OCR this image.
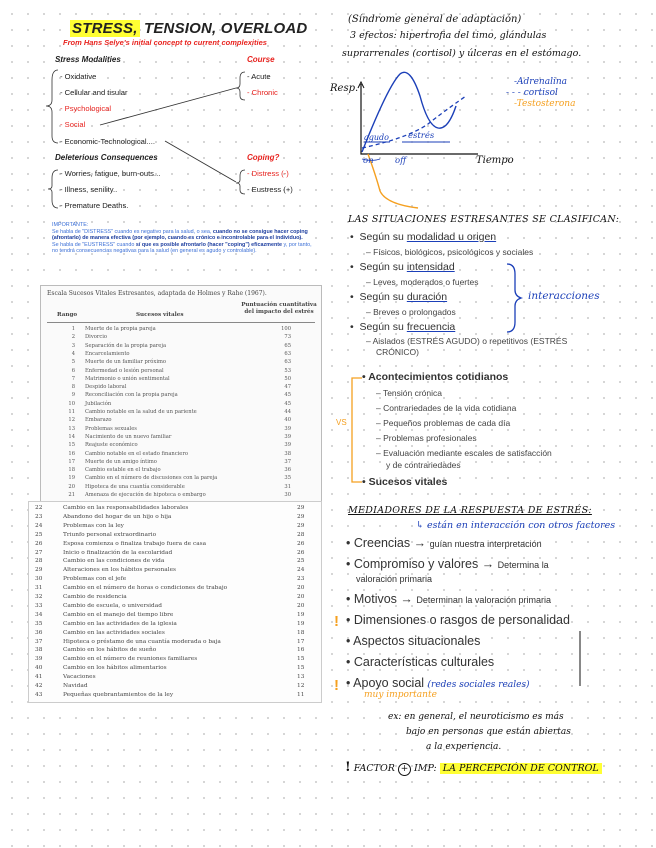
STRESS, TENSION, OVERLOAD
From Hans Selye's initial concept to current complexities
Stress Modalities	Course
- Oxidative
- Cellular and tisular
- Psychological
- Social
- Economic-Technological....
- Acute
- Chronic
Deleterious Consequences	Coping?
- Worries, fatigue, burn-outs...
- Illness, senility..
- Premature Deaths.
- Distress (-)
- Eustress (+)
IMPORTANTE:
Se habla de "DISTRESS" cuando es negativo para la salud, o sea, cuando no se consigue hacer coping (afrontarlo) de manera efectiva (por ejemplo, cuando es crónico e incontrolable para el individuo).
Se habla de "EUSTRESS" cuando sí que es posible afrontarlo (hacer "coping") eficazmente y, por tanto, no tendrá consecuencias negativas para la salud (en general es agudo y controlable).
Escala Sucesos Vitales Estresantes, adaptada de Holmes y Rahe (1967).
Rango	Sucesos vitales
Puntuación cuantitativa del impacto del estrés
1 Muerte de la propia pareja	100
2 Divorcio	73
3 Separación de la propia pareja	65
4 Encarcelamiento	63
5 Muerte de un familiar próximo	63
6 Enfermedad o lesión personal	53
7 Matrimonio o unión sentimental	50
8 Despido laboral	47
9 Reconciliación con la propia pareja	45
10 Jubilación	45
11 Cambio notable en la salud de un pariente	44
12 Embarazo	40
13 Problemas sexuales	39
14 Nacimiento de un nuevo familiar	39
15 Reajuste económico	39
16 Cambio notable en el estado financiero	38
17 Muerte de un amigo íntimo	37
18 Cambio estable en el trabajo	36
19 Cambio en el número de discusiones con la pareja	35
20 Hipoteca de una cuantía considerable	31
21 Amenaza de ejecución de hipoteca o embargo	30
22	Cambio en las responsabilidades laborales	29
23	Abandono del hogar de un hijo o hija	29
24	Problemas con la ley	29
25	Triunfo personal extraordinario	28
26	Esposa comienza o finaliza trabajo fuera de casa	26
27	Inicio o finalización de la escolaridad	26
28	Cambio en las condiciones de vida	25
29	Alteraciones en los hábitos personales	24
30	Problemas con el jefe	23
31	Cambio en el número de horas o condiciones de trabajo	20
32	Cambio de residencia	20
33	Cambio de escuela, o universidad	20
34	Cambio en el manejo del tiempo libre	19
35	Cambio en las actividades de la iglesia	19
36	Cambio en las actividades sociales	18
37	Hipoteca o préstamo de una cuantía moderada o baja	17
38	Cambio en los hábitos de sueño	16
39	Cambio en el número de reuniones familiares	15
40	Cambio en los hábitos alimentarios	15
41	Vacaciones	13
42	Navidad	12
43	Pequeñas quebrantamientos de la ley	11
(Síndrome general de adaptación)
3 efectos: hipertrofia del timo, glándulas
suprarrenales (cortisol) y úlceras en el estómago.
Resp.
agudo estrés
on	off	Tiempo
-Adrenalina
- - - cortisol
-Testosterona
LAS SITUACIONES ESTRESANTES SE CLASIFICAN:
•  Según su modalidad u origen
– Físicos, biológicos, psicológicos y sociales
•  Según su intensidad
– Leves, moderados o fuertes
•  Según su duración
– Breves o prolongados
•  Según su frecuencia
– Aislados (ESTRÉS AGUDO) o repetitivos (ESTRÉS
CRÓNICO)
interacciones
• Acontecimientos cotidianos
– Tensión crónica
– Contrariedades de la vida cotidiana
– Pequeños problemas de cada día
– Problemas profesionales
– Evaluación mediante escales de satisfacción
y de contrariedades
• Sucesos vitales
VS
MEDIADORES DE LA RESPUESTA DE ESTRÉS:
↳ están en interacción con otros factores
• Creencias → guían nuestra interpretación
• Compromiso y valores → Determina la
valoración primaria
• Motivos → Determinan la valoración primaria
• Dimensiones o rasgos de personalidad
• Aspectos situacionales
• Características culturales
• Apoyo social (redes sociales reales)
muy importante
!
!
ex: en general, el neuroticismo es más
bajo en personas que están abiertas
a la experiencia.
! FACTOR + IMP: LA PERCEPCIÓN DE CONTROL
